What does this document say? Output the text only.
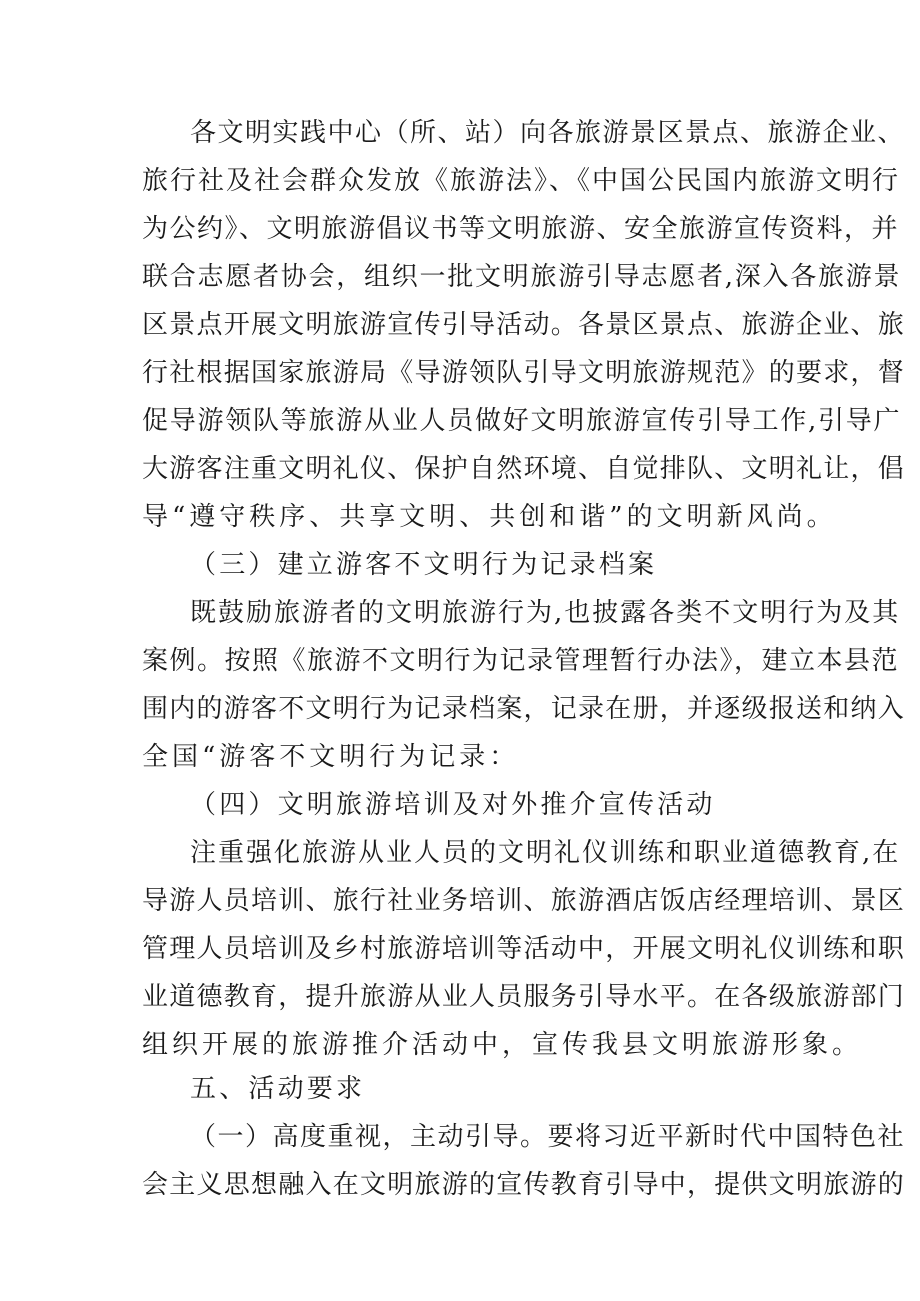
各文明实践中心（所、站）向各旅游景区景点、旅游企业、
旅行社及社会群众发放《旅游法》、《中国公民国内旅游文明行
为公约》、文明旅游倡议书等文明旅游、安全旅游宣传资料，并
联合志愿者协会，组织一批文明旅游引导志愿者,深入各旅游景
区景点开展文明旅游宣传引导活动。各景区景点、旅游企业、旅
行社根据国家旅游局《导游领队引导文明旅游规范》的要求，督
促导游领队等旅游从业人员做好文明旅游宣传引导工作,引导广
大游客注重文明礼仪、保护自然环境、自觉排队、文明礼让，倡
导“遵守秩序、共享文明、共创和谐”的文明新风尚。
（三）建立游客不文明行为记录档案
既鼓励旅游者的文明旅游行为,也披露各类不文明行为及其
案例。按照《旅游不文明行为记录管理暂行办法》，建立本县范
围内的游客不文明行为记录档案，记录在册，并逐级报送和纳入
全国“游客不文明行为记录：
（四）文明旅游培训及对外推介宣传活动
注重强化旅游从业人员的文明礼仪训练和职业道德教育,在
导游人员培训、旅行社业务培训、旅游酒店饭店经理培训、景区
管理人员培训及乡村旅游培训等活动中，开展文明礼仪训练和职
业道德教育，提升旅游从业人员服务引导水平。在各级旅游部门
组织开展的旅游推介活动中，宣传我县文明旅游形象。
五、活动要求
（一）高度重视，主动引导。要将习近平新时代中国特色社
会主义思想融入在文明旅游的宣传教育引导中，提供文明旅游的
